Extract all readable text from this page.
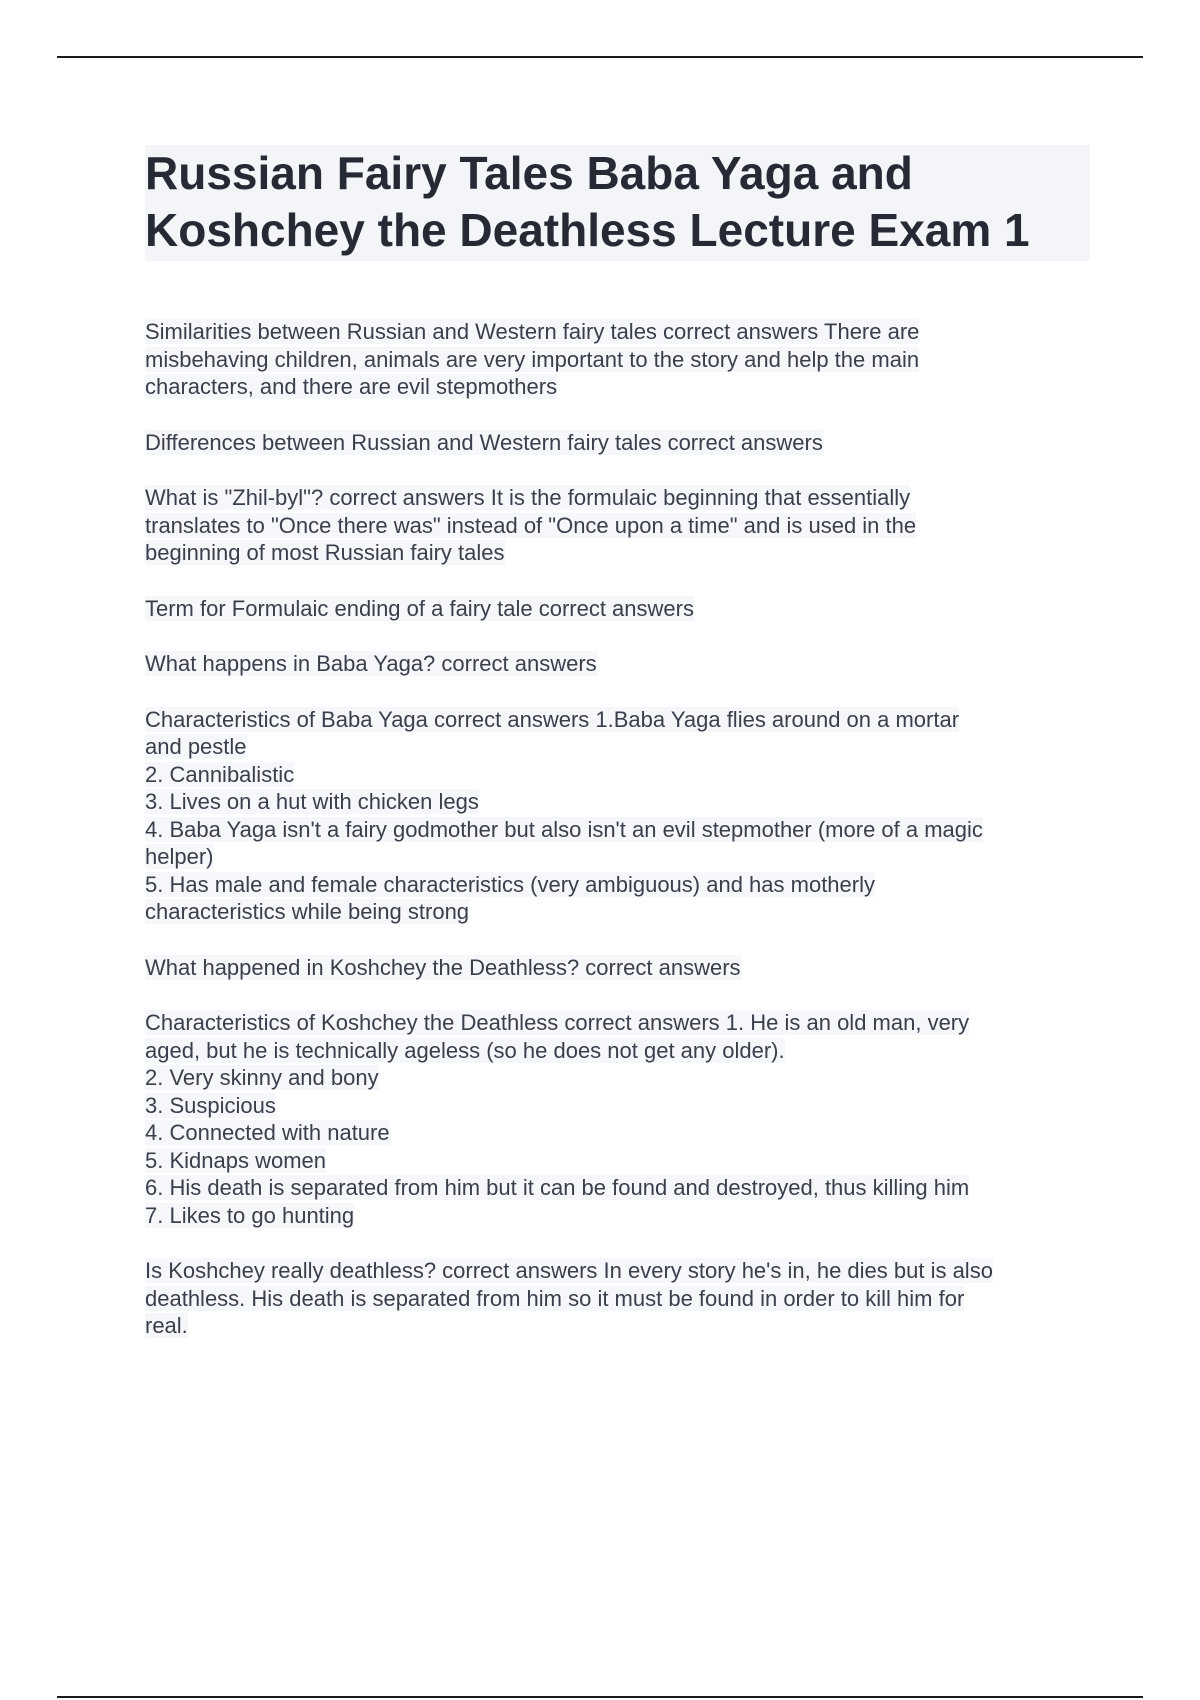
Russian Fairy Tales Baba Yaga and
Koshchey the Deathless Lecture Exam 1

Similarities between Russian and Western fairy tales correct answers There are
misbehaving children, animals are very important to the story and help the main
characters, and there are evil stepmothers

Differences between Russian and Western fairy tales correct answers

What is "Zhil-byl"? correct answers It is the formulaic beginning that essentially
translates to "Once there was" instead of "Once upon a time" and is used in the
beginning of most Russian fairy tales

Term for Formulaic ending of a fairy tale correct answers

What happens in Baba Yaga? correct answers

Characteristics of Baba Yaga correct answers 1.Baba Yaga flies around on a mortar
and pestle
2. Cannibalistic
3. Lives on a hut with chicken legs
4. Baba Yaga isn't a fairy godmother but also isn't an evil stepmother (more of a magic
helper)
5. Has male and female characteristics (very ambiguous) and has motherly
characteristics while being strong

What happened in Koshchey the Deathless? correct answers

Characteristics of Koshchey the Deathless correct answers 1. He is an old man, very
aged, but he is technically ageless (so he does not get any older).
2. Very skinny and bony
3. Suspicious
4. Connected with nature
5. Kidnaps women
6. His death is separated from him but it can be found and destroyed, thus killing him
7. Likes to go hunting

Is Koshchey really deathless? correct answers In every story he's in, he dies but is also
deathless. His death is separated from him so it must be found in order to kill him for
real.
